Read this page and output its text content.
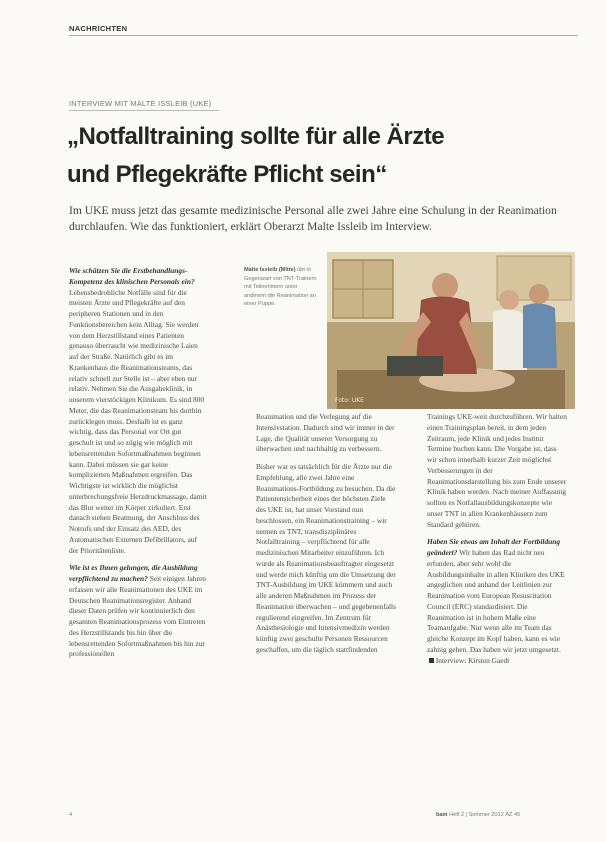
NACHRICHTEN
INTERVIEW MIT MALTE ISSLEIB (UKE)
„Notfalltraining sollte für alle Ärzte
und Pflegekräfte Pflicht sein“

Im UKE muss jetzt das gesamte medizinische Personal alle zwei Jahre eine Schulung in der Reanimation durchlaufen. Wie das funktioniert, erklärt Oberarzt Malte Issleib im Interview.

Wie schätzen Sie die Erstbehandlungs-Kompetenz des klinischen Personals ein? Lebensbedrohliche Notfälle sind für die meisten Ärzte und Pflegekräfte auf den peripheren Stationen und in den Funktionsbereichen kein Alltag. Sie werden von dem Herzstillstand eines Patienten genauso überrascht wie medizinische Laien auf der Straße. Natürlich gibt es im Krankenhaus die Reanimationsteams, das relativ schnell zur Stelle ist – aber eben nur relativ. Nehmen Sie die Ausgabeklinik, in unserem vierstöckigen Klinikum. Es sind 800 Meter, die das Reanimationsteam bis dorthin zurücklegen muss. Deshalb ist es ganz wichtig, dass das Personal vor Ort gut geschult ist und so zügig wie möglich mit lebensrettenden Sofortmaßnahmen beginnen kann. Dabei müssen sie gar keine komplizierten Maßnahmen ergreifen. Das Wichtigste ist wirklich die möglichst unterbrechungsfreie Herzdruckmassage, damit das Blut weiter im Körper zirkuliert. Erst danach stehen Beatmung, der Anschluss des Notrufs und der Einsatz des AED, des Automatischen Externen Defibrillators, auf der Prioritätenliste.

Wie ist es Ihnen gelungen, die Ausbildung verpflichtend zu machen? Seit einigen Jahren erfassen wir alle Reanimationen des UKE im Deutschen Reanimationsregister. Anhand dieser Daten prüfen wir kontinuierlich den gesamten Reanimationsprozess vom Eintreten des Herzstillstands bis hin über die lebensrettenden Sofortmaßnahmen bis hin zur professionellen

Malte Issleib (Mitte) übt in Gegenwart von TNT-Trainern mit Teilnehmern unter anderem die Reanimation an einer Puppe.
Foto: UKE

Reanimation und die Verlegung auf die Intensivstation. Dadurch sind wir immer in der Lage, die Qualität unserer Versorgung zu überwachen und nachhaltig zu verbessern.

Bisher war es tatsächlich für die Ärzte nur die Empfehlung, alle zwei Jahre eine Reanimations-Fortbildung zu besuchen. Da die Patientensicherheit eines der höchsten Ziele des UKE ist, hat unser Vorstand nun beschlossen, ein Reanimationstraining – wir nennen es TNT, transdisziplinäres Notfalltraining – verpflichtend für alle medizinischen Mitarbeiter einzuführen. Ich wurde als Reanimationsbeauftragter eingesetzt und werde mich künftig um die Umsetzung der TNT-Ausbildung im UKE kümmern und auch alle anderen Maßnahmen im Prozess der Reanimation überwachen – und gegebenenfalls regulierend eingreifen. Im Zentrum für Anästhesiologie und Intensivmedizin werden künftig zwei geschulte Personen Ressourcen geschaffen, um die täglich stattfindenden

Trainings UKE-weit durchzuführen. Wir halten einen Trainingsplan bereit, in dem jeden Zeitraum, jede Klinik und jedes Institut Termine buchen kann. Die Vorgabe ist, dass wir schon innerhalb kurzer Zeit möglichst Verbesserungen in der Reanimationsdarstellung bis zum Ende unserer Klinik haben werden. Nach meiner Auffassung sollten es Notfallausbildungskonzepte wie unser TNT in allen Krankenhäusern zum Standard gehören.

Haben Sie etwas am Inhalt der Fortbildung geändert? Wir haben das Rad nicht neu erfunden, aber sehr wohl die Ausbildungsinhalte in allen Kliniken des UKE angeglichen und anhand der Leitlinien zur Reanimation vom European Resuscitation Council (ERC) standardisiert. Die Reanimation ist in hohem Maße eine Teamaufgabe. Nur wenn alle im Team das gleiche Konzept im Kopf haben, kann es wie zahnig gehen. Das haben wir jetzt umgesetzt. Interview: Kirsten Gaedt

4	bam Heft 2 | Sommer 2012 ÄZ 45
